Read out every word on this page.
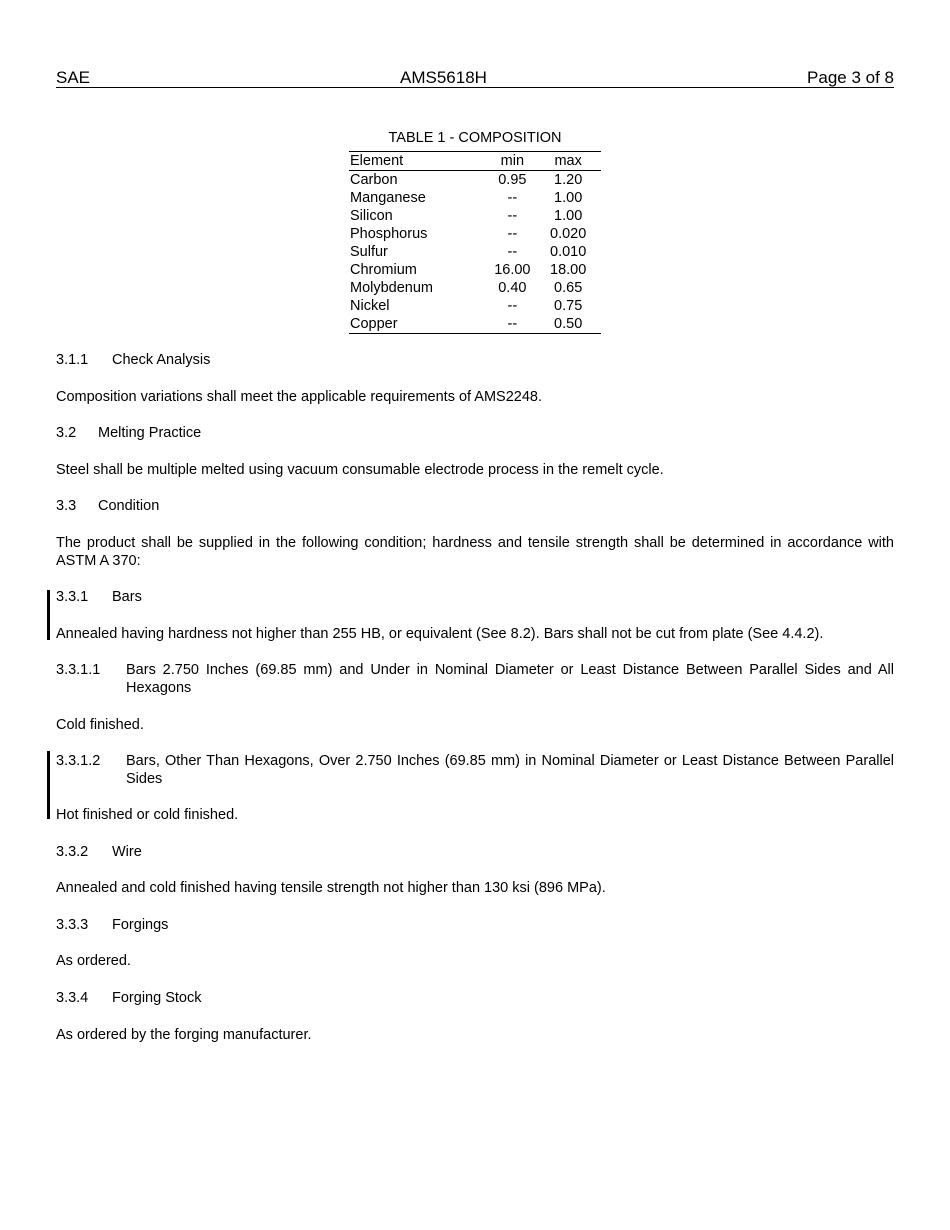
SAE	AMS5618H	Page 3 of 8
TABLE 1 - COMPOSITION
Element	min	max
Carbon	0.95	1.20
Manganese	--	1.00
Silicon	--	1.00
Phosphorus	--	0.020
Sulfur	--	0.010
Chromium	16.00	18.00
Molybdenum	0.40	0.65
Nickel	--	0.75
Copper	--	0.50
3.1.1 Check Analysis
Composition variations shall meet the applicable requirements of AMS2248.
3.2 Melting Practice
Steel shall be multiple melted using vacuum consumable electrode process in the remelt cycle.
3.3 Condition
The product shall be supplied in the following condition; hardness and tensile strength shall be determined in accordance with ASTM A 370:
3.3.1 Bars
Annealed having hardness not higher than 255 HB, or equivalent (See 8.2). Bars shall not be cut from plate (See 4.4.2).
3.3.1.1	Bars 2.750 Inches (69.85 mm) and Under in Nominal Diameter or Least Distance Between Parallel Sides and All Hexagons
Cold finished.
3.3.1.2	Bars, Other Than Hexagons, Over 2.750 Inches (69.85 mm) in Nominal Diameter or Least Distance Between Parallel Sides
Hot finished or cold finished.
3.3.2 Wire
Annealed and cold finished having tensile strength not higher than 130 ksi (896 MPa).
3.3.3 Forgings
As ordered.
3.3.4 Forging Stock
As ordered by the forging manufacturer.
